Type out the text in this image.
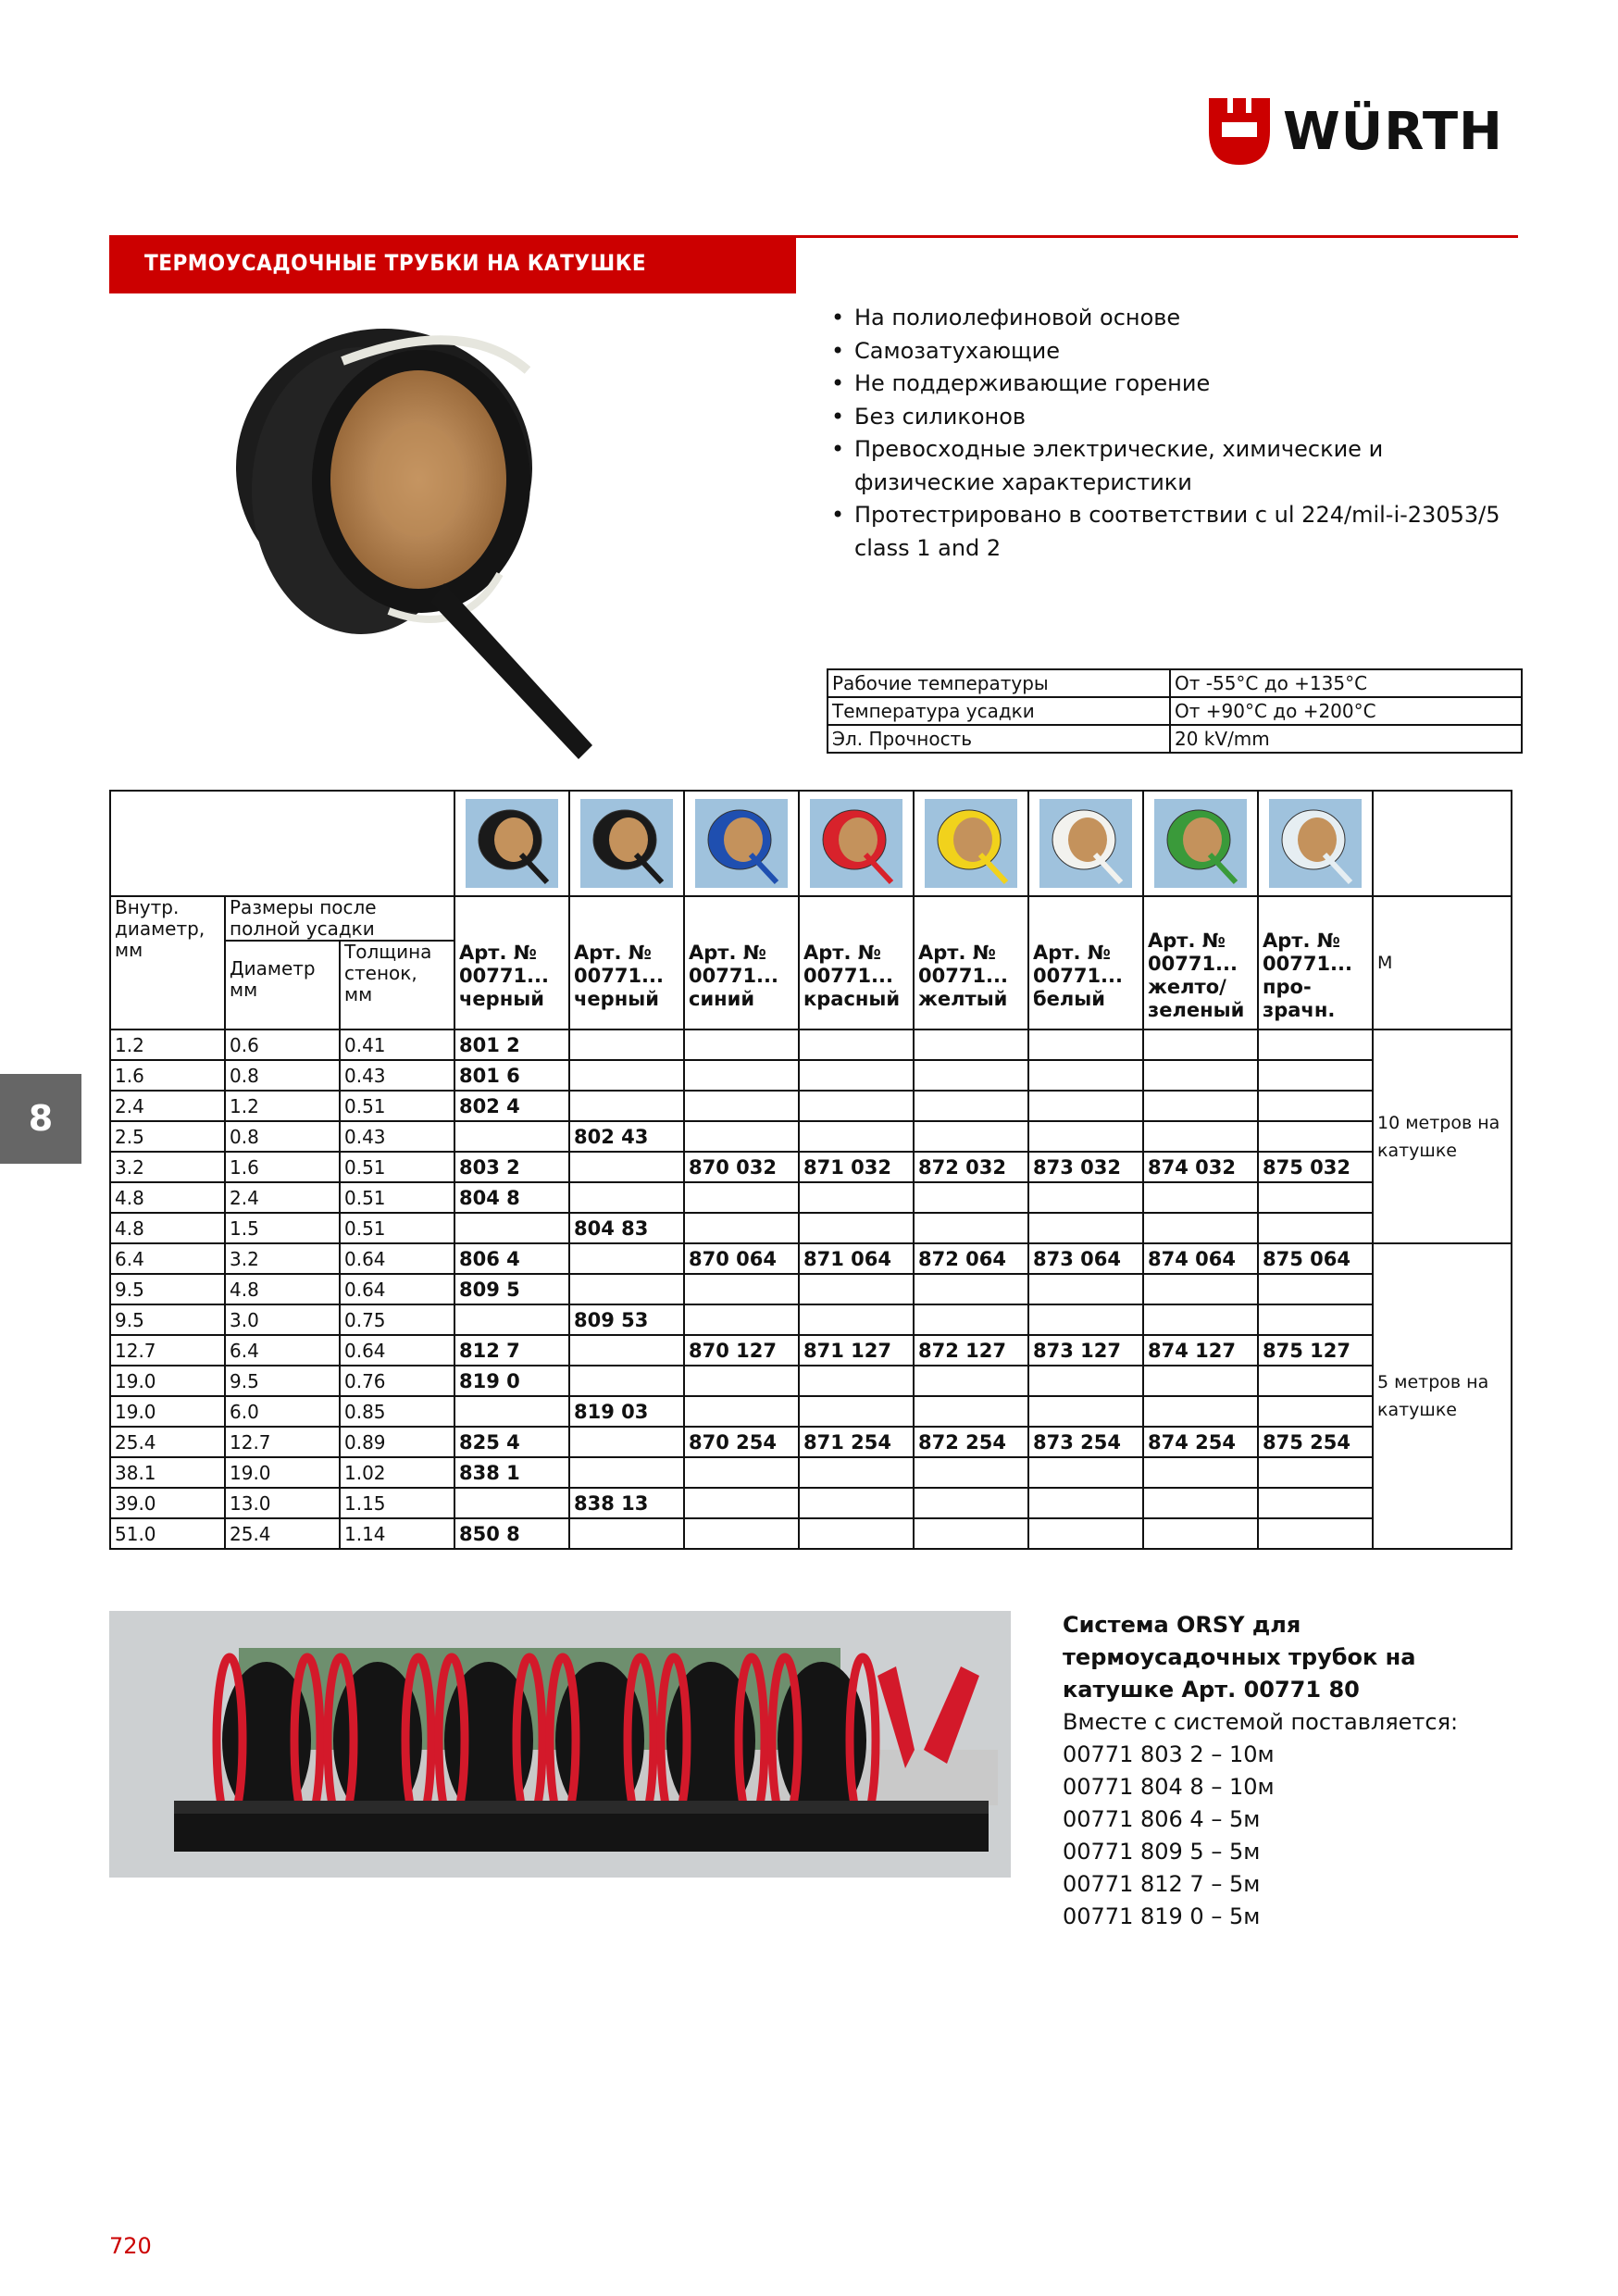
WÜRTH
ТЕРМОУСАДОЧНЫЕ ТРУБКИ НА КАТУШКЕ
• На полиолефиновой основе
• Самозатухающие
• Не поддерживающие горение
• Без силиконов
• Превосходные электрические, химические и физические характеристики
• Протестрировано в соответствии с ul 224/mil-i-23053/5 class 1 and 2
Рабочие температуры	От -55°С до +135°С
Температура усадки	От +90°С до +200°С
Эл. Прочность	20 kV/mm

Внутр. диаметр, мм	Размеры после полной усадки		Арт. № 00771... черный	Арт. № 00771... черный	Арт. № 00771... синий	Арт. № 00771... красный	Арт. № 00771... желтый	Арт. № 00771... белый	Арт. № 00771... желто/ зеленый	Арт. № 00771... про- зрачн.	M
	Диаметр мм	Толщина стенок, мм									
1.2	0.6	0.41	801 2								10 метров на катушке
1.6	0.8	0.43	801 6								
2.4	1.2	0.51	802 4								
2.5	0.8	0.43		802 43							
3.2	1.6	0.51	803 2		870 032	871 032	872 032	873 032	874 032	875 032	
4.8	2.4	0.51	804 8								
4.8	1.5	0.51		804 83							
6.4	3.2	0.64	806 4		870 064	871 064	872 064	873 064	874 064	875 064	5 метров на катушке
9.5	4.8	0.64	809 5								
9.5	3.0	0.75		809 53							
12.7	6.4	0.64	812 7		870 127	871 127	872 127	873 127	874 127	875 127	
19.0	9.5	0.76	819 0								
19.0	6.0	0.85		819 03							
25.4	12.7	0.89	825 4		870 254	871 254	872 254	873 254	874 254	875 254	
38.1	19.0	1.02	838 1								
39.0	13.0	1.15		838 13							
51.0	25.4	1.14	850 8								
8
Система ORSY для термоусадочных трубок на катушке Арт. 00771 80
Вместе с системой поставляется:
00771 803 2 – 10м
00771 804 8 – 10м
00771 806 4 – 5м
00771 809 5 – 5м
00771 812 7 – 5м
00771 819 0 – 5м
720
